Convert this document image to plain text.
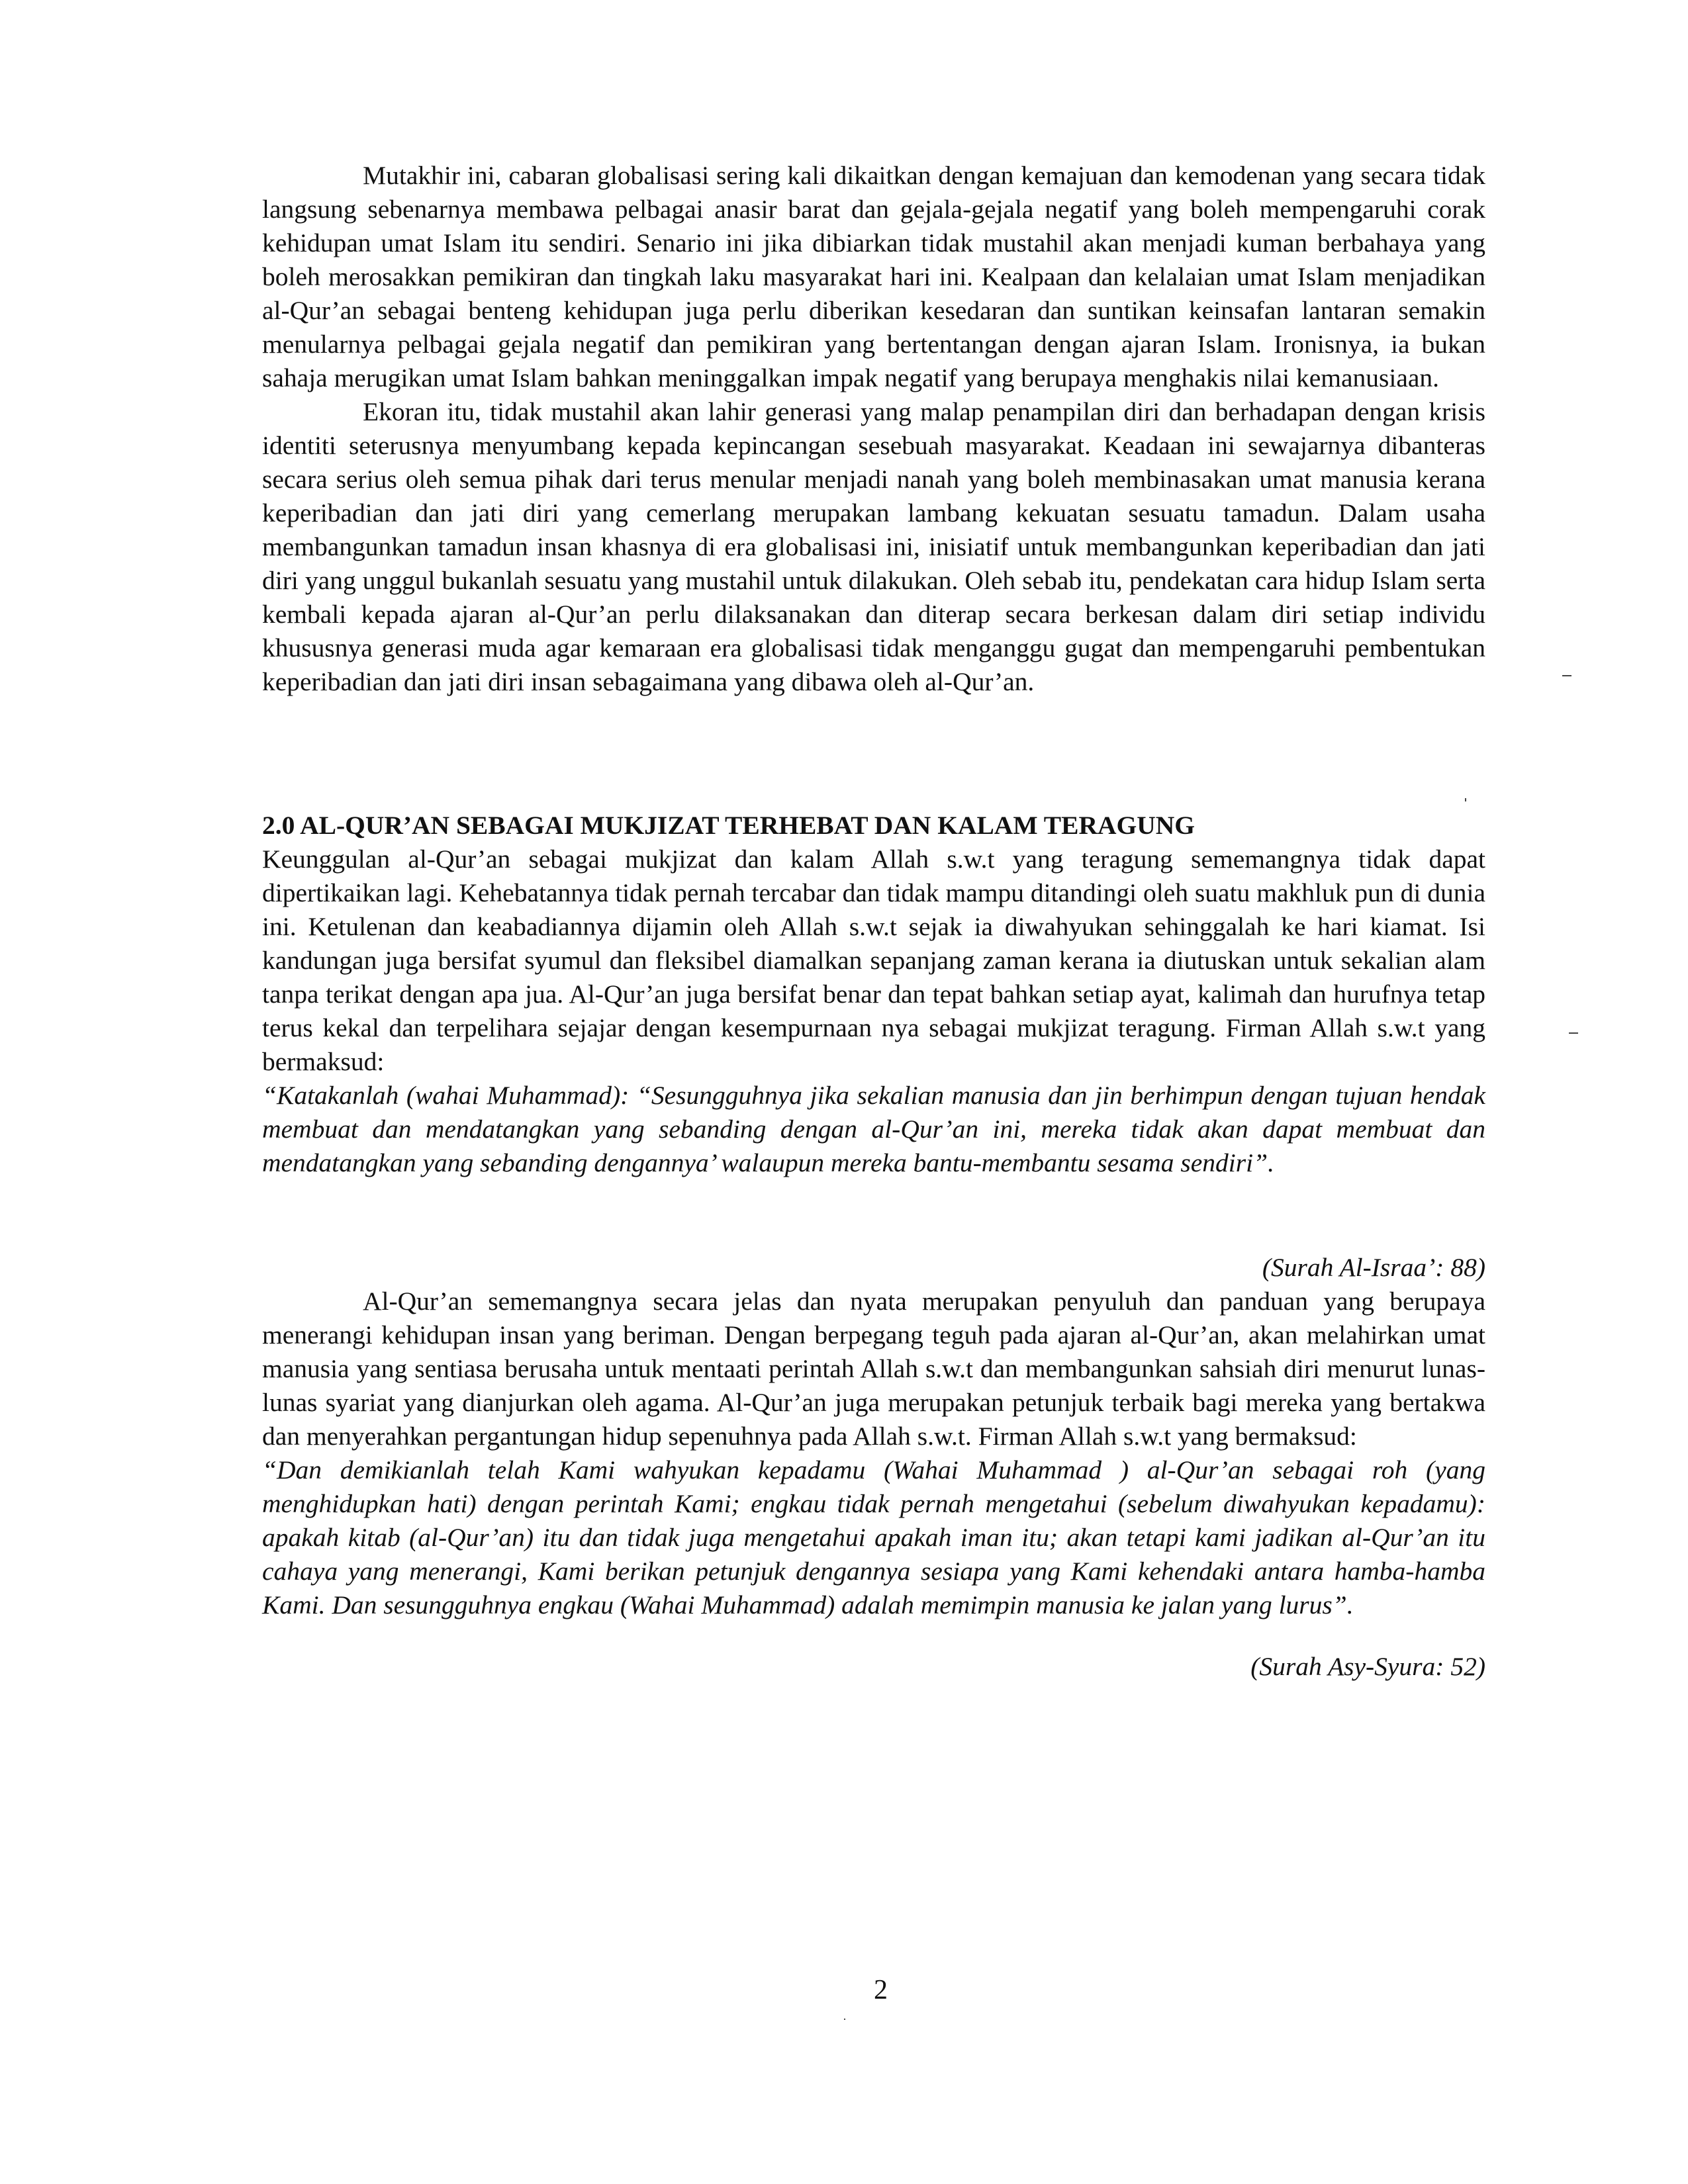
Mutakhir ini, cabaran globalisasi sering kali dikaitkan dengan kemajuan dan kemodenan yang secara tidak langsung sebenarnya membawa pelbagai anasir barat dan gejala-gejala negatif yang boleh mempengaruhi corak kehidupan umat Islam itu sendiri. Senario ini jika dibiarkan tidak mustahil akan menjadi kuman berbahaya yang boleh merosakkan pemikiran dan tingkah laku masyarakat hari ini. Kealpaan dan kelalaian umat Islam menjadikan al-Qur’an sebagai benteng kehidupan juga perlu diberikan kesedaran dan suntikan keinsafan lantaran semakin menularnya pelbagai gejala negatif dan pemikiran yang bertentangan dengan ajaran Islam. Ironisnya, ia bukan sahaja merugikan umat Islam bahkan meninggalkan impak negatif yang berupaya menghakis nilai kemanusiaan.

Ekoran itu, tidak mustahil akan lahir generasi yang malap penampilan diri dan berhadapan dengan krisis identiti seterusnya menyumbang kepada kepincangan sesebuah masyarakat. Keadaan ini sewajarnya dibanteras secara serius oleh semua pihak dari terus menular menjadi nanah yang boleh membinasakan umat manusia kerana keperibadian dan jati diri yang cemerlang merupakan lambang kekuatan sesuatu tamadun. Dalam usaha membangunkan tamadun insan khasnya di era globalisasi ini, inisiatif untuk membangunkan keperibadian dan jati diri yang unggul bukanlah sesuatu yang mustahil untuk dilakukan. Oleh sebab itu, pendekatan cara hidup Islam serta kembali kepada ajaran al-Qur’an perlu dilaksanakan dan diterap secara berkesan dalam diri setiap individu khususnya generasi muda agar kemaraan era globalisasi tidak menganggu gugat dan mempengaruhi pembentukan keperibadian dan jati diri insan sebagaimana yang dibawa oleh al-Qur’an.

2.0 AL-QUR’AN SEBAGAI MUKJIZAT TERHEBAT DAN KALAM TERAGUNG

Keunggulan al-Qur’an sebagai mukjizat dan kalam Allah s.w.t yang teragung sememangnya tidak dapat dipertikaikan lagi. Kehebatannya tidak pernah tercabar dan tidak mampu ditandingi oleh suatu makhluk pun di dunia ini. Ketulenan dan keabadiannya dijamin oleh Allah s.w.t sejak ia diwahyukan sehinggalah ke hari kiamat. Isi kandungan juga bersifat syumul dan fleksibel diamalkan sepanjang zaman kerana ia diutuskan untuk sekalian alam tanpa terikat dengan apa jua. Al-Qur’an juga bersifat benar dan tepat bahkan setiap ayat, kalimah dan hurufnya tetap terus kekal dan terpelihara sejajar dengan kesempurnaan nya sebagai mukjizat teragung. Firman Allah s.w.t yang bermaksud:

“Katakanlah (wahai Muhammad): “Sesungguhnya jika sekalian manusia dan jin berhimpun dengan tujuan hendak membuat dan mendatangkan yang sebanding dengan al-Qur’an ini, mereka tidak akan dapat membuat dan mendatangkan yang sebanding dengannya’ walaupun mereka bantu-membantu sesama sendiri”.

(Surah Al-Israa’: 88)

Al-Qur’an sememangnya secara jelas dan nyata merupakan penyuluh dan panduan yang berupaya menerangi kehidupan insan yang beriman. Dengan berpegang teguh pada ajaran al-Qur’an, akan melahirkan umat manusia yang sentiasa berusaha untuk mentaati perintah Allah s.w.t dan membangunkan sahsiah diri menurut lunas-lunas syariat yang dianjurkan oleh agama. Al-Qur’an juga merupakan petunjuk terbaik bagi mereka yang bertakwa dan menyerahkan pergantungan hidup sepenuhnya pada Allah s.w.t. Firman Allah s.w.t yang bermaksud:

“Dan demikianlah telah Kami wahyukan kepadamu (Wahai Muhammad ) al-Qur’an sebagai roh (yang menghidupkan hati) dengan perintah Kami; engkau tidak pernah mengetahui (sebelum diwahyukan kepadamu): apakah kitab (al-Qur’an) itu dan tidak juga mengetahui apakah iman itu; akan tetapi kami jadikan al-Qur’an itu cahaya yang menerangi, Kami berikan petunjuk dengannya sesiapa yang Kami kehendaki antara hamba-hamba Kami. Dan sesungguhnya engkau (Wahai Muhammad) adalah memimpin manusia ke jalan yang lurus”.

(Surah Asy-Syura: 52)
2
